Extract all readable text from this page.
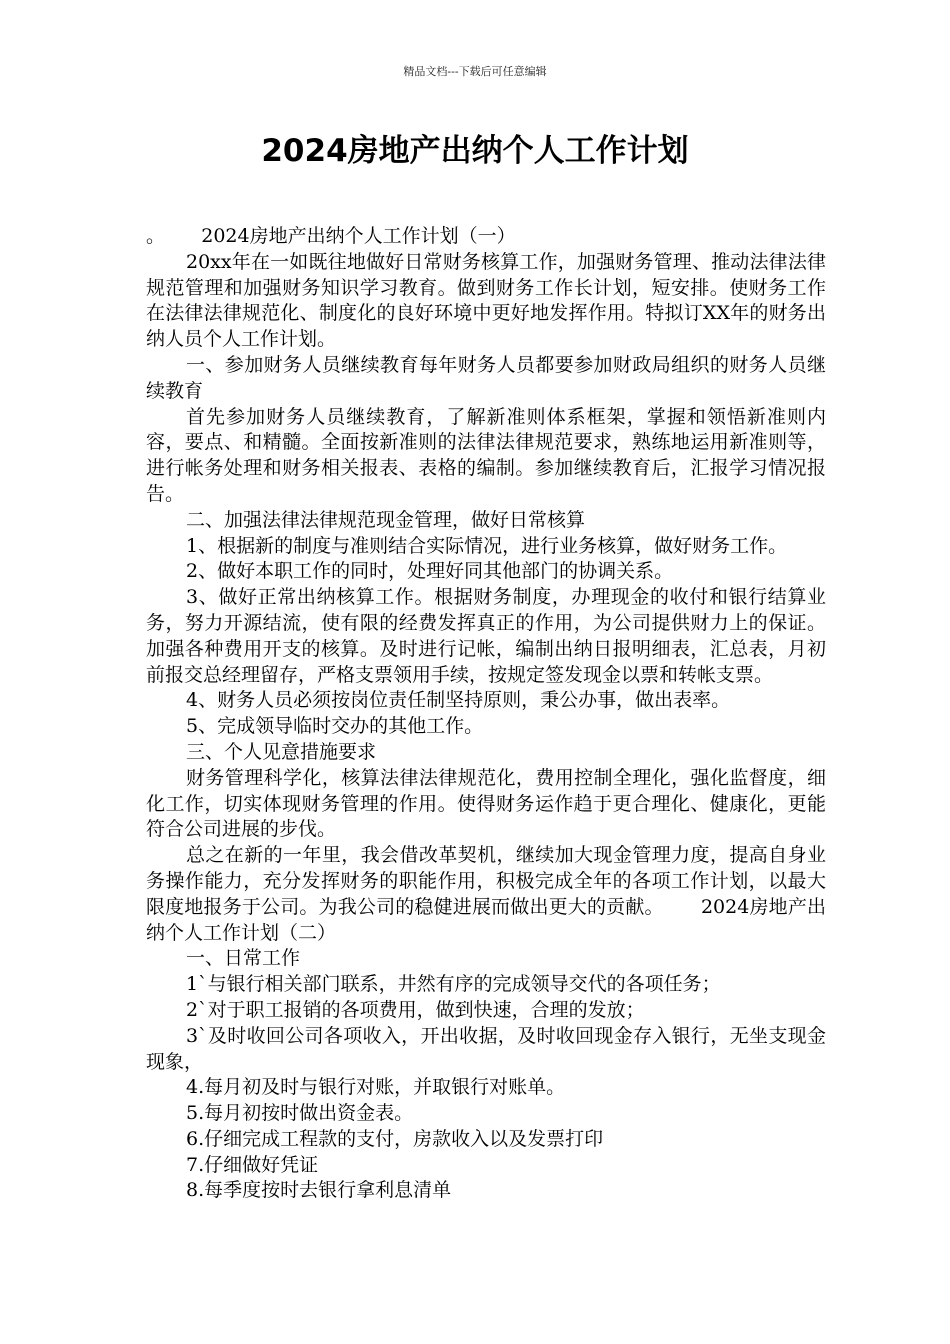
精品文档---下载后可任意编辑
2024房地产出纳个人工作计划

。      2024房地产出纳个人工作计划（一）

20xx年在一如既往地做好日常财务核算工作，加强财务管理、推动法律法律规范管理和加强财务知识学习教育。做到财务工作长计划，短安排。使财务工作在法律法律规范化、制度化的良好环境中更好地发挥作用。特拟订XX年的财务出纳人员个人工作计划。

一、参加财务人员继续教育每年财务人员都要参加财政局组织的财务人员继续教育

首先参加财务人员继续教育，了解新准则体系框架，掌握和领悟新准则内容，要点、和精髓。全面按新准则的法律法律规范要求，熟练地运用新准则等，进行帐务处理和财务相关报表、表格的编制。参加继续教育后，汇报学习情况报告。

二、加强法律法律规范现金管理，做好日常核算

1、根据新的制度与准则结合实际情况，进行业务核算，做好财务工作。

2、做好本职工作的同时，处理好同其他部门的协调关系。

3、做好正常出纳核算工作。根据财务制度，办理现金的收付和银行结算业务，努力开源结流，使有限的经费发挥真正的作用，为公司提供财力上的保证。加强各种费用开支的核算。及时进行记帐，编制出纳日报明细表，汇总表，月初前报交总经理留存，严格支票领用手续，按规定签发现金以票和转帐支票。

4、财务人员必须按岗位责任制坚持原则，秉公办事，做出表率。

5、完成领导临时交办的其他工作。

三、个人见意措施要求

财务管理科学化，核算法律法律规范化，费用控制全理化，强化监督度，细化工作，切实体现财务管理的作用。使得财务运作趋于更合理化、健康化，更能符合公司进展的步伐。

总之在新的一年里，我会借改革契机，继续加大现金管理力度，提高自身业务操作能力，充分发挥财务的职能作用，积极完成全年的各项工作计划，以最大限度地报务于公司。为我公司的稳健进展而做出更大的贡献。      2024房地产出纳个人工作计划（二）

一、日常工作

1`与银行相关部门联系，井然有序的完成领导交代的各项任务；

2`对于职工报销的各项费用，做到快速，合理的发放；

3`及时收回公司各项收入，开出收据，及时收回现金存入银行，无坐支现金现象，

4.每月初及时与银行对账，并取银行对账单。

5.每月初按时做出资金表。

6.仔细完成工程款的支付，房款收入以及发票打印

7.仔细做好凭证

8.每季度按时去银行拿利息清单
